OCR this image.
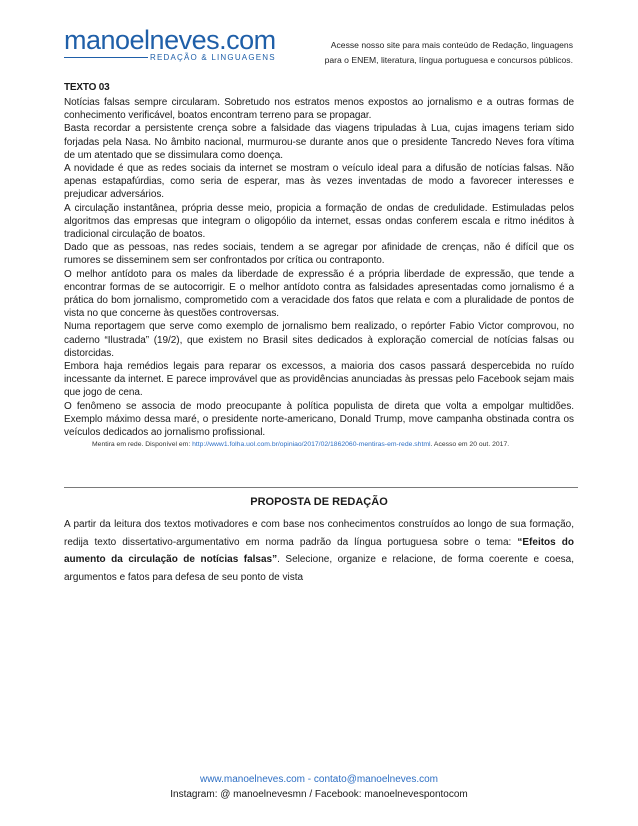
manoelneves.com
REDAÇÃO & LINGUAGENS
Acesse nosso site para mais conteúdo de Redação, linguagens
para o ENEM, literatura, língua portuguesa e concursos públicos.
TEXTO 03

Notícias falsas sempre circularam. Sobretudo nos estratos menos expostos ao jornalismo e a outras formas de conhecimento verificável, boatos encontram terreno para se propagar.

Basta recordar a persistente crença sobre a falsidade das viagens tripuladas à Lua, cujas imagens teriam sido forjadas pela Nasa. No âmbito nacional, murmurou-se durante anos que o presidente Tancredo Neves fora vítima de um atentado que se dissimulara como doença.

A novidade é que as redes sociais da internet se mostram o veículo ideal para a difusão de notícias falsas. Não apenas estapafúrdias, como seria de esperar, mas às vezes inventadas de modo a favorecer interesses e prejudicar adversários.

A circulação instantânea, própria desse meio, propicia a formação de ondas de credulidade. Estimuladas pelos algoritmos das empresas que integram o oligopólio da internet, essas ondas conferem escala e ritmo inéditos à tradicional circulação de boatos.

Dado que as pessoas, nas redes sociais, tendem a se agregar por afinidade de crenças, não é difícil que os rumores se disseminem sem ser confrontados por crítica ou contraponto.

O melhor antídoto para os males da liberdade de expressão é a própria liberdade de expressão, que tende a encontrar formas de se autocorrigir. E o melhor antídoto contra as falsidades apresentadas como jornalismo é a prática do bom jornalismo, comprometido com a veracidade dos fatos que relata e com a pluralidade de pontos de vista no que concerne às questões controversas.

Numa reportagem que serve como exemplo de jornalismo bem realizado, o repórter Fabio Victor comprovou, no caderno “Ilustrada” (19/2), que existem no Brasil sites dedicados à exploração comercial de notícias falsas ou distorcidas.

Embora haja remédios legais para reparar os excessos, a maioria dos casos passará despercebida no ruído incessante da internet. E parece improvável que as providências anunciadas às pressas pelo Facebook sejam mais que jogo de cena.

O fenômeno se associa de modo preocupante à política populista de direta que volta a empolgar multidões. Exemplo máximo dessa maré, o presidente norte-americano, Donald Trump, move campanha obstinada contra os veículos dedicados ao jornalismo profissional.

Mentira em rede. Disponível em: http://www1.folha.uol.com.br/opiniao/2017/02/1862060-mentiras-em-rede.shtml. Acesso em 20 out. 2017.
PROPOSTA DE REDAÇÃO

A partir da leitura dos textos motivadores e com base nos conhecimentos construídos ao longo de sua formação, redija texto dissertativo-argumentativo em norma padrão da língua portuguesa sobre o tema: “Efeitos do aumento da circulação de notícias falsas”. Selecione, organize e relacione, de forma coerente e coesa, argumentos e fatos para defesa de seu ponto de vista

www.manoelneves.com - contato@manoelneves.com
Instagram: @ manoelnevesmn / Facebook: manoelnevespontocom
